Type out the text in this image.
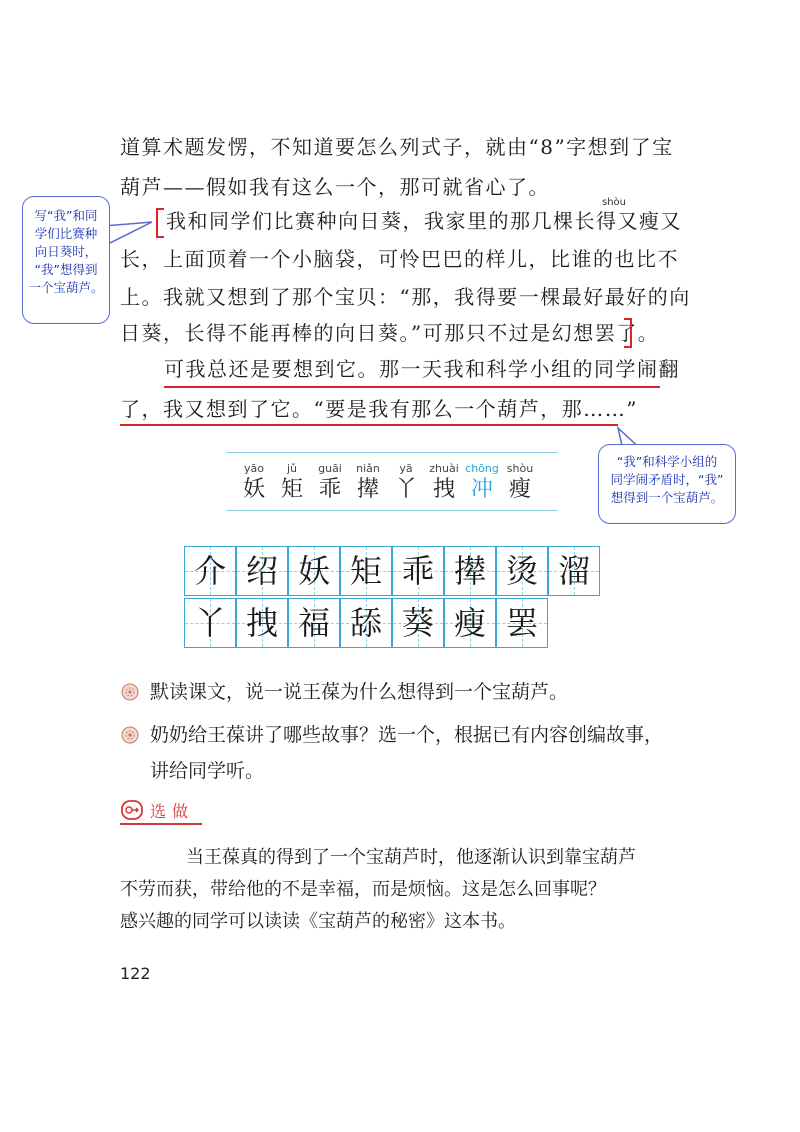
道算术题发愣，不知道要怎么列式子，就由“8”字想到了宝
葫芦——假如我有这么一个，那可就省心了。
shòu
我和同学们比赛种向日葵，我家里的那几棵长得又瘦又
长，上面顶着一个小脑袋，可怜巴巴的样儿，比谁的也比不
上。我就又想到了那个宝贝：“那，我得要一棵最好最好的向
日葵，长得不能再棒的向日葵。”可那只不过是幻想罢了。
可我总还是要想到它。那一天我和科学小组的同学闹翻
了，我又想到了它。“要是我有那么一个葫芦，那……”
写“我”和同
学们比赛种
向日葵时，
“我”想得到
一个宝葫芦。
“我”和科学小组的
同学闹矛盾时，“我”
想得到一个宝葫芦。
yāo
妖
jǔ
矩
guāi
乖
niǎn
撵
yā
丫
zhuài
拽
chōng
冲
shòu
瘦
介 绍 妖 矩 乖 撵 烫 溜
丫 拽 福 舔 葵 瘦 罢
默读课文，说一说王葆为什么想得到一个宝葫芦。
奶奶给王葆讲了哪些故事？选一个，根据已有内容创编故事，
讲给同学听。
选做
当王葆真的得到了一个宝葫芦时，他逐渐认识到靠宝葫芦
不劳而获，带给他的不是幸福，而是烦恼。这是怎么回事呢？
感兴趣的同学可以读读《宝葫芦的秘密》这本书。
122
